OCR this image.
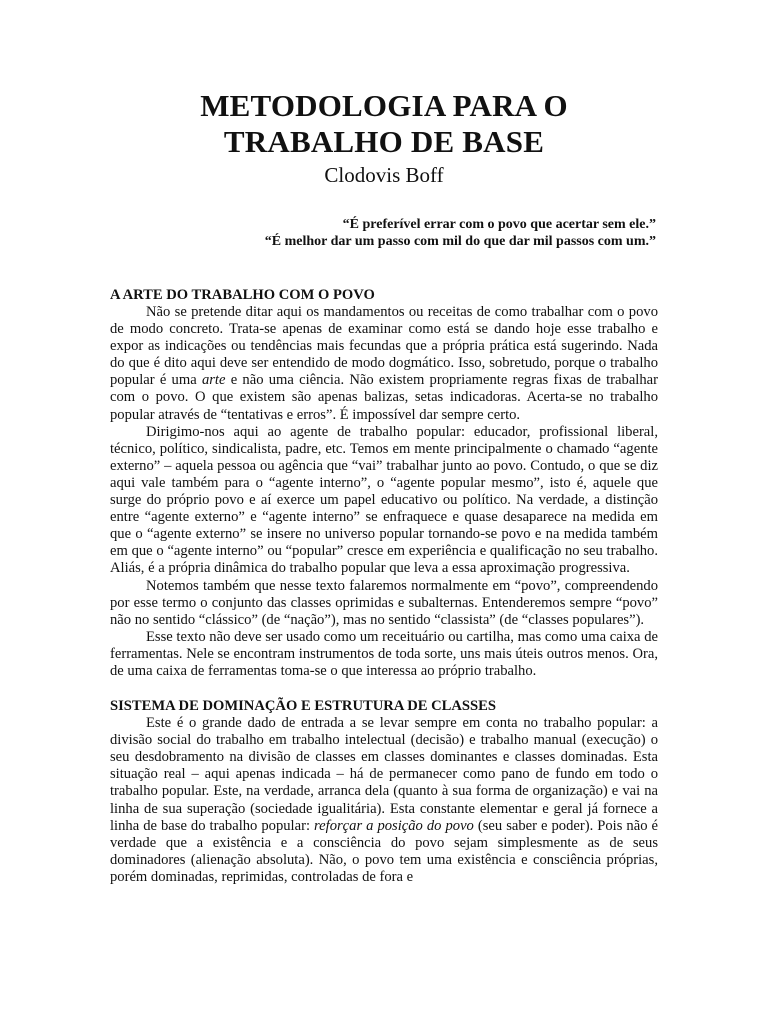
METODOLOGIA PARA O
TRABALHO DE BASE
Clodovis Boff
“É preferível errar com o povo que acertar sem ele.”
“É melhor dar um passo com mil do que dar mil passos com um.”
A ARTE DO TRABALHO COM O POVO

Não se pretende ditar aqui os mandamentos ou receitas de como trabalhar com o povo de modo concreto. Trata-se apenas de examinar como está se dando hoje esse trabalho e expor as indicações ou tendências mais fecundas que a própria prática está sugerindo. Nada do que é dito aqui deve ser entendido de modo dogmático. Isso, sobretudo, porque o trabalho popular é uma arte e não uma ciência. Não existem propriamente regras fixas de trabalhar com o povo. O que existem são apenas balizas, setas indicadoras. Acerta-se no trabalho popular através de “tentativas e erros”. É impossível dar sempre certo.

Dirigimo-nos aqui ao agente de trabalho popular: educador, profissional liberal, técnico, político, sindicalista, padre, etc. Temos em mente principalmente o chamado “agente externo” – aquela pessoa ou agência que “vai” trabalhar junto ao povo. Contudo, o que se diz aqui vale também para o “agente interno”, o “agente popular mesmo”, isto é, aquele que surge do próprio povo e aí exerce um papel educativo ou político. Na verdade, a distinção entre “agente externo” e “agente interno” se enfraquece e quase desaparece na medida em que o “agente externo” se insere no universo popular tornando-se povo e na medida também em que o “agente interno” ou “popular” cresce em experiência e qualificação no seu trabalho. Aliás, é a própria dinâmica do trabalho popular que leva a essa aproximação progressiva.

Notemos também que nesse texto falaremos normalmente em “povo”, compreendendo por esse termo o conjunto das classes oprimidas e subalternas. Entenderemos sempre “povo” não no sentido “clássico” (de “nação”), mas no sentido “classista” (de “classes populares”).

Esse texto não deve ser usado como um receituário ou cartilha, mas como uma caixa de ferramentas. Nele se encontram instrumentos de toda sorte, uns mais úteis outros menos. Ora, de uma caixa de ferramentas toma-se o que interessa ao próprio trabalho.

SISTEMA DE DOMINAÇÃO E ESTRUTURA DE CLASSES

Este é o grande dado de entrada a se levar sempre em conta no trabalho popular: a divisão social do trabalho em trabalho intelectual (decisão) e trabalho manual (execução) o seu desdobramento na divisão de classes em classes dominantes e classes dominadas. Esta situação real – aqui apenas indicada – há de permanecer como pano de fundo em todo o trabalho popular. Este, na verdade, arranca dela (quanto à sua forma de organização) e vai na linha de sua superação (sociedade igualitária). Esta constante elementar e geral já fornece a linha de base do trabalho popular: reforçar a posição do povo (seu saber e poder). Pois não é verdade que a existência e a consciência do povo sejam simplesmente as de seus dominadores (alienação absoluta). Não, o povo tem uma existência e consciência próprias, porém dominadas, reprimidas, controladas de fora e
